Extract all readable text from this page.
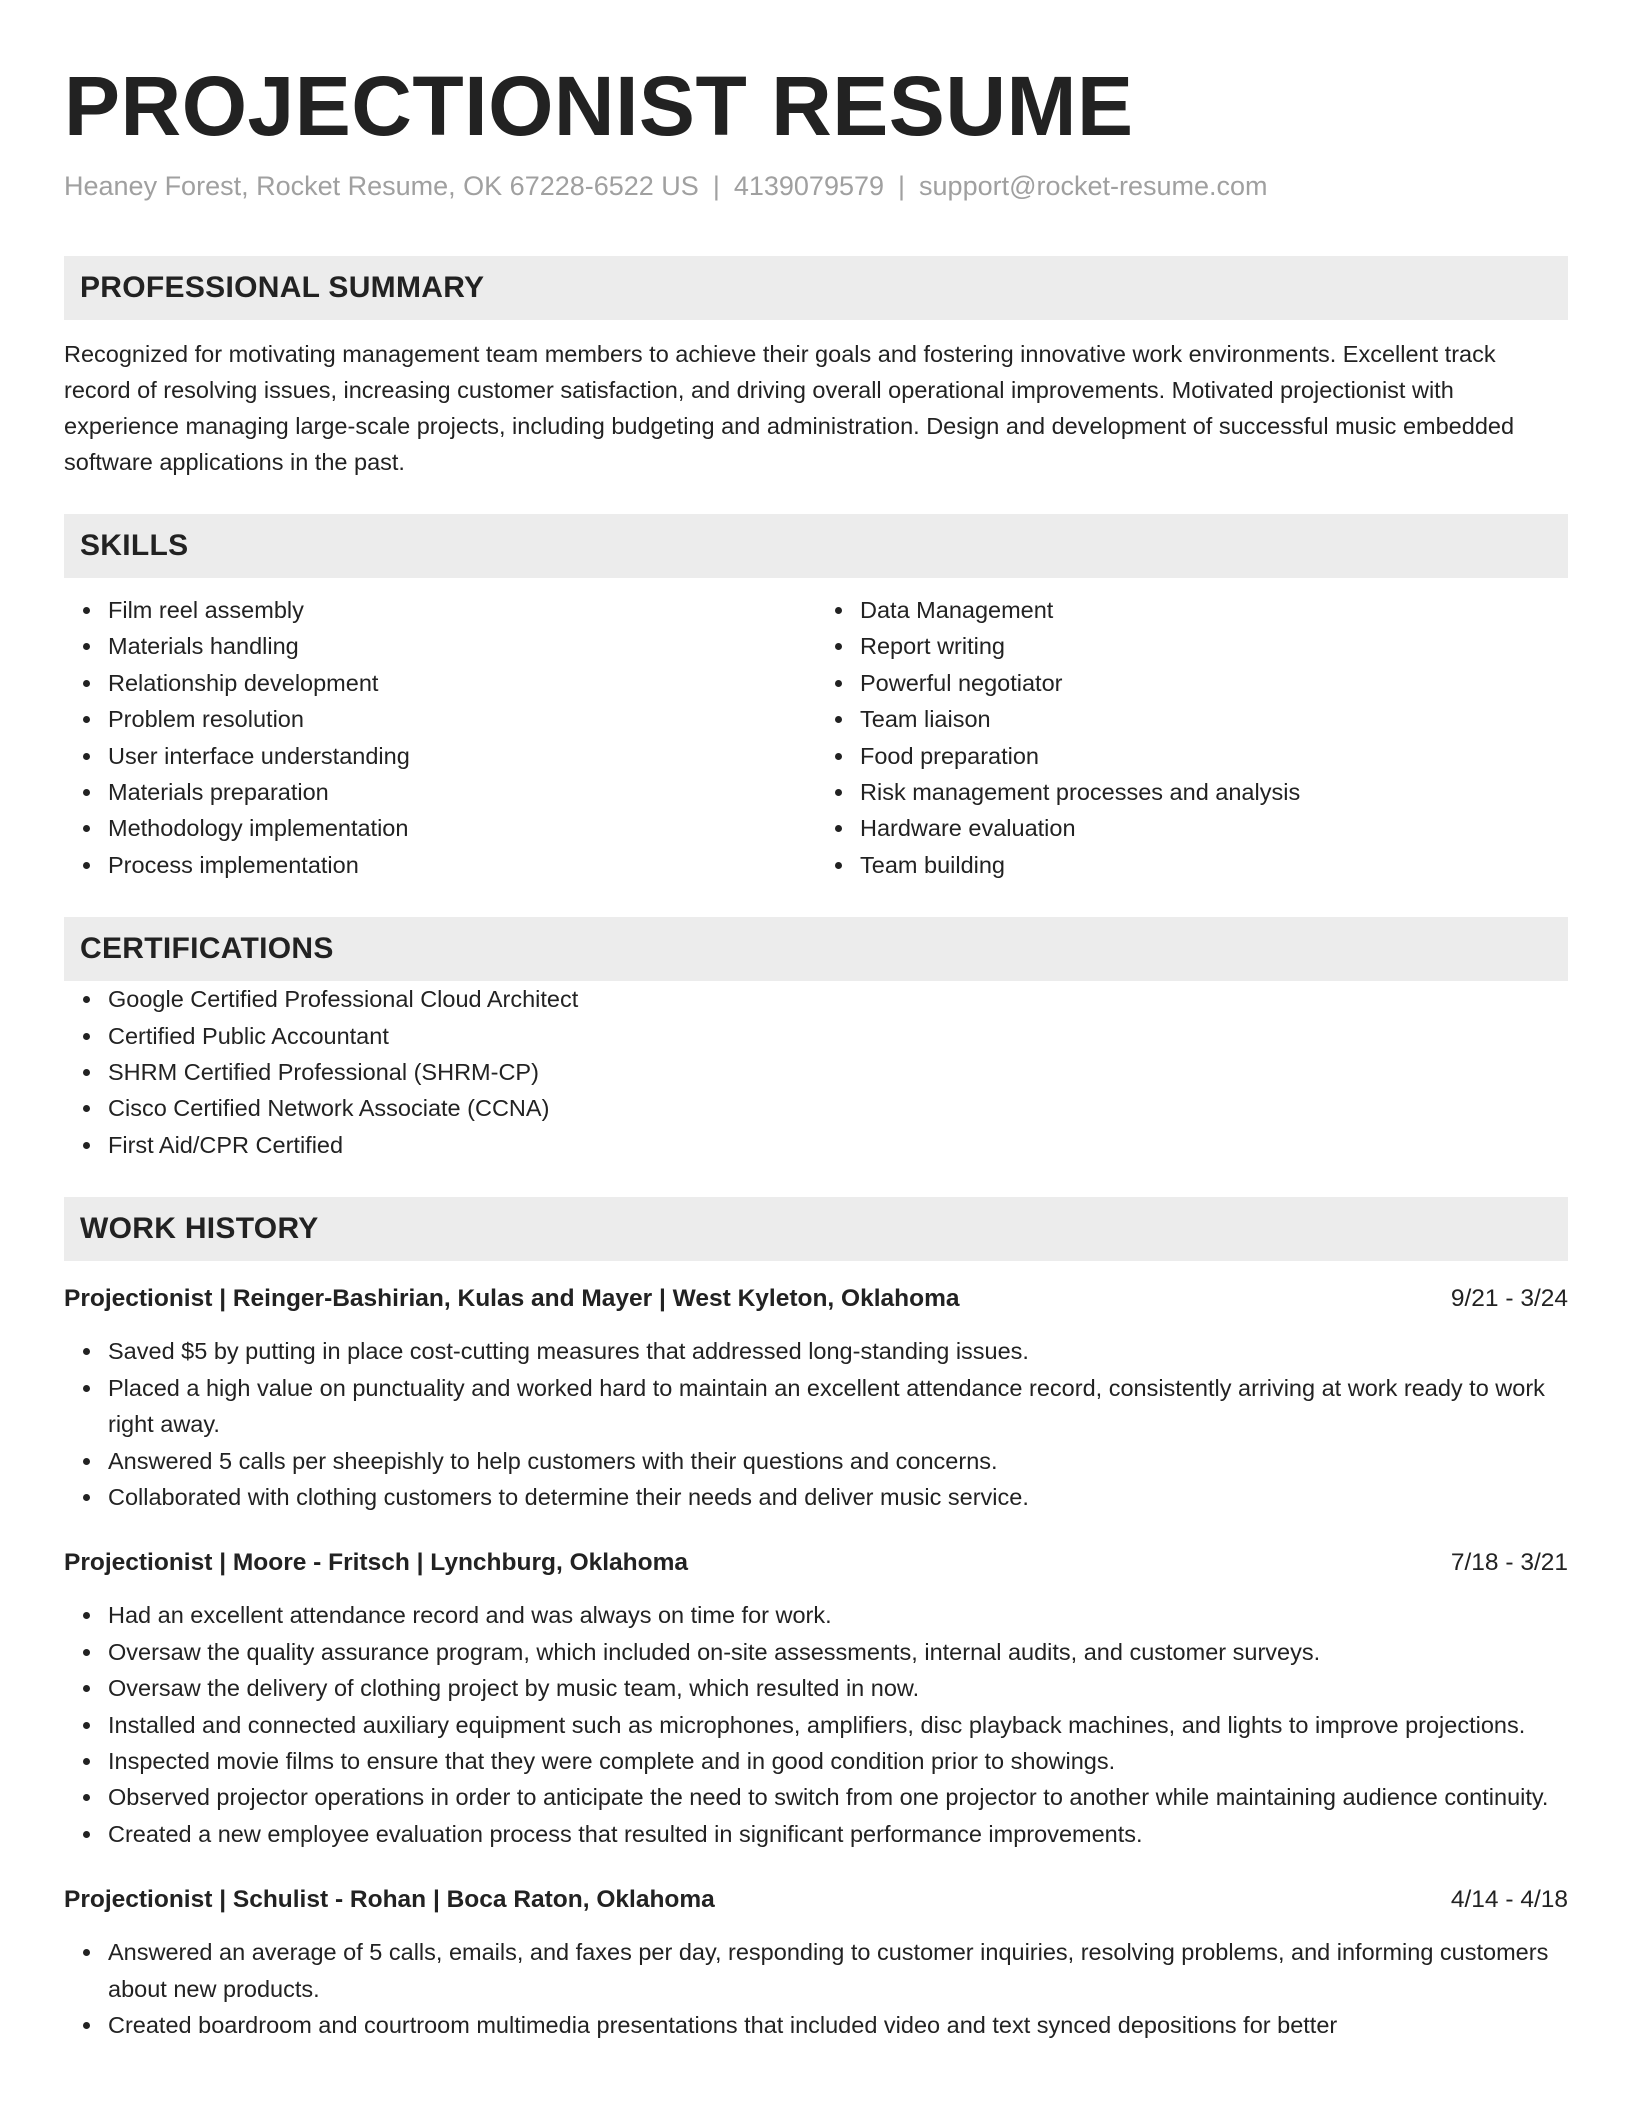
PROJECTIONIST RESUME
Heaney Forest, Rocket Resume, OK 67228-6522 US | 4139079579 | support@rocket-resume.com
PROFESSIONAL SUMMARY
Recognized for motivating management team members to achieve their goals and fostering innovative work environments. Excellent track record of resolving issues, increasing customer satisfaction, and driving overall operational improvements. Motivated projectionist with experience managing large-scale projects, including budgeting and administration. Design and development of successful music embedded software applications in the past.
SKILLS
Film reel assembly
Materials handling
Relationship development
Problem resolution
User interface understanding
Materials preparation
Methodology implementation
Process implementation
Data Management
Report writing
Powerful negotiator
Team liaison
Food preparation
Risk management processes and analysis
Hardware evaluation
Team building
CERTIFICATIONS
Google Certified Professional Cloud Architect
Certified Public Accountant
SHRM Certified Professional (SHRM-CP)
Cisco Certified Network Associate (CCNA)
First Aid/CPR Certified
WORK HISTORY
Projectionist | Reinger-Bashirian, Kulas and Mayer | West Kyleton, Oklahoma	9/21 - 3/24
Saved $5 by putting in place cost-cutting measures that addressed long-standing issues.
Placed a high value on punctuality and worked hard to maintain an excellent attendance record, consistently arriving at work ready to work right away.
Answered 5 calls per sheepishly to help customers with their questions and concerns.
Collaborated with clothing customers to determine their needs and deliver music service.
Projectionist | Moore - Fritsch | Lynchburg, Oklahoma	7/18 - 3/21
Had an excellent attendance record and was always on time for work.
Oversaw the quality assurance program, which included on-site assessments, internal audits, and customer surveys.
Oversaw the delivery of clothing project by music team, which resulted in now.
Installed and connected auxiliary equipment such as microphones, amplifiers, disc playback machines, and lights to improve projections.
Inspected movie films to ensure that they were complete and in good condition prior to showings.
Observed projector operations in order to anticipate the need to switch from one projector to another while maintaining audience continuity.
Created a new employee evaluation process that resulted in significant performance improvements.
Projectionist | Schulist - Rohan | Boca Raton, Oklahoma	4/14 - 4/18
Answered an average of 5 calls, emails, and faxes per day, responding to customer inquiries, resolving problems, and informing customers about new products.
Created boardroom and courtroom multimedia presentations that included video and text synced depositions for better
